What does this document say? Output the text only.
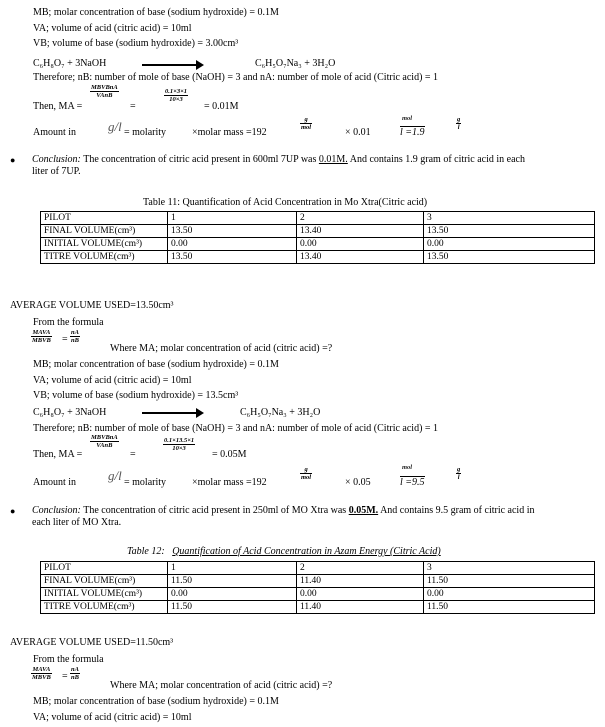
MB; molar concentration of base (sodium hydroxide) = 0.1M
VA; volume of acid (citric acid) = 10ml
VB; volume of base (sodium hydroxide) = 3.00cm³
C₆H₈O₇ + 3NaOH	C₆H₅O₇Na₃ + 3H₂O
Therefore; nB: number of mole of base (NaOH) = 3 and nA: number of mole of acid (Citric acid) = 1
Then, MA =
MBVBnA
VAnB
=
$\frac{0.1\times 3\times 1}{10\times 3}$
= 0.01M
Amount in g/l = molarity	×molar mass =192
g
mol	× 0.01
mol
l =1.9
$\frac{g}{l}$
● Conclusion: The concentration of citric acid present in 600ml 7UP was 0.01M. And contains 1.9 gram of citric acid in each
liter of 7UP.
Table 11: Quantification of Acid Concentration in Mo Xtra(Citric acid)
PILOT	1	2	3
FINAL VOLUME(cm³)	13.50	13.40	13.50
INITIAL VOLUME(cm³)	0.00	0.00	0.00
TITRE VOLUME(cm³)	13.50	13.40	13.50
AVERAGE VOLUME USED=13.50cm³
From the formula
MAVA
MBVB = $\frac{nA}{nB}$
Where MA; molar concentration of acid (citric acid) =?
MB; molar concentration of base (sodium hydroxide) = 0.1M
VA; volume of acid (citric acid) = 10ml
VB; volume of base (sodium hydroxide) = 13.5cm³
C₆H₈O₇ + 3NaOH	C₆H₅O₇Na₃ + 3H₂O
Therefore; nB: number of mole of base (NaOH) = 3 and nA: number of mole of acid (Citric acid) = 1
Then, MA =
MBVBnA
VAnB
=
$\frac{0.1\times 13.5\times 1}{10\times 3}$
= 0.05M
Amount in g/l = molarity	×molar mass =192
g
mol	× 0.05
mol
l =9.5
$\frac{g}{l}$
● Conclusion: The concentration of citric acid present in 250ml of MO Xtra was 0.05M. And contains 9.5 gram of citric acid in
each liter of MO Xtra.
Table 12: Quantification of Acid Concentration in Azam Energy (Citric Acid)
PILOT	1	2	3
FINAL VOLUME(cm³)	11.50	11.40	11.50
INITIAL VOLUME(cm³)	0.00	0.00	0.00
TITRE VOLUME(cm³)	11.50	11.40	11.50
AVERAGE VOLUME USED=11.50cm³
From the formula
MAVA
MBVB = $\frac{nA}{nB}$
Where MA; molar concentration of acid (citric acid) =?
MB; molar concentration of base (sodium hydroxide) = 0.1M
VA; volume of acid (citric acid) = 10ml
